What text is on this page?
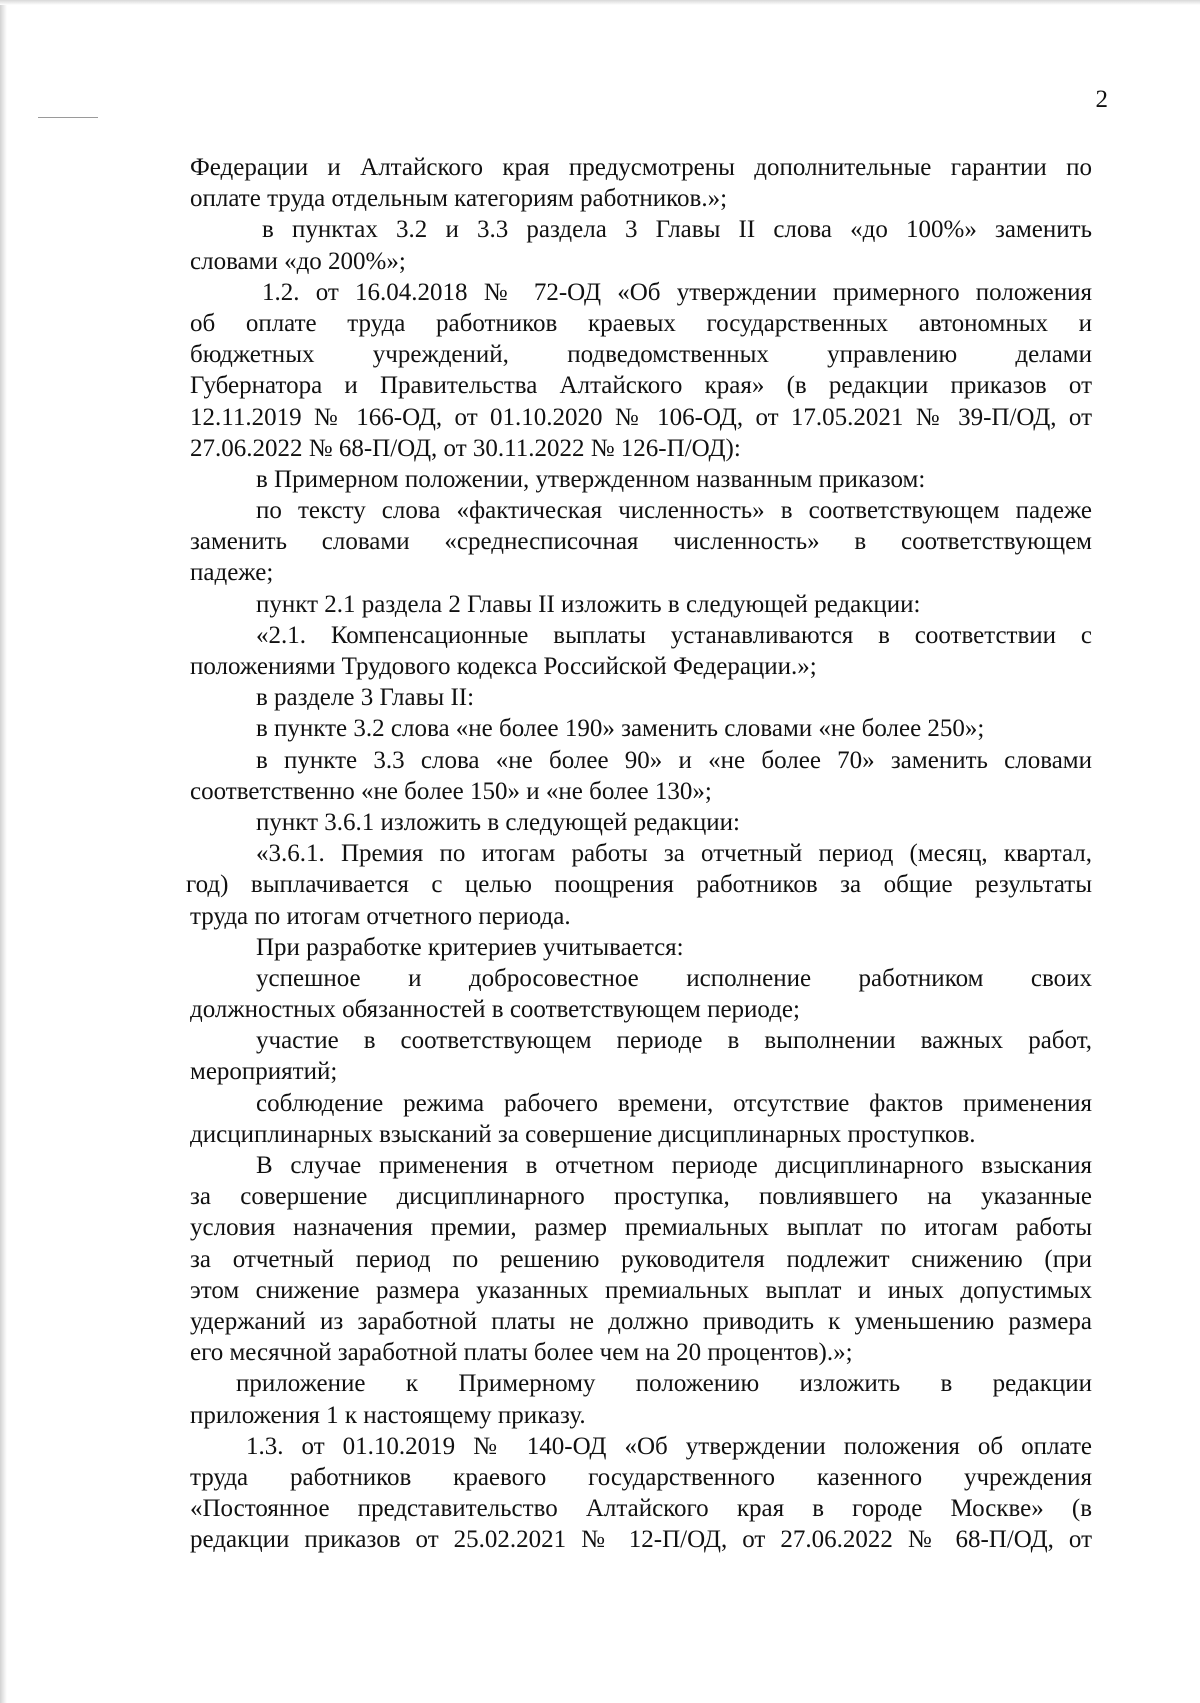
2
Федерации и Алтайского края предусмотрены дополнительные гарантии по
оплате труда отдельным категориям работников.»;
в пунктах 3.2 и 3.3 раздела 3 Главы II слова «до 100%» заменить
словами «до 200%»;
1.2. от 16.04.2018 № 72-ОД «Об утверждении примерного положения
об оплате труда работников краевых государственных автономных и
бюджетных учреждений, подведомственных управлению делами
Губернатора и Правительства Алтайского края» (в редакции приказов от
12.11.2019 № 166-ОД, от 01.10.2020 № 106-ОД, от 17.05.2021 № 39-П/ОД, от
27.06.2022 № 68-П/ОД, от 30.11.2022 № 126-П/ОД):
в Примерном положении, утвержденном названным приказом:
по тексту слова «фактическая численность» в соответствующем падеже
заменить словами «среднесписочная численность» в соответствующем
падеже;
пункт 2.1 раздела 2 Главы II изложить в следующей редакции:
«2.1. Компенсационные выплаты устанавливаются в соответствии с
положениями Трудового кодекса Российской Федерации.»;
в разделе 3 Главы II:
в пункте 3.2 слова «не более 190» заменить словами «не более 250»;
в пункте 3.3 слова «не более 90» и «не более 70» заменить словами
соответственно «не более 150» и «не более 130»;
пункт 3.6.1 изложить в следующей редакции:
«3.6.1. Премия по итогам работы за отчетный период (месяц, квартал,
год) выплачивается с целью поощрения работников за общие результаты
труда по итогам отчетного периода.
При разработке критериев учитывается:
успешное и добросовестное исполнение работником своих
должностных обязанностей в соответствующем периоде;
участие в соответствующем периоде в выполнении важных работ,
мероприятий;
соблюдение режима рабочего времени, отсутствие фактов применения
дисциплинарных взысканий за совершение дисциплинарных проступков.
В случае применения в отчетном периоде дисциплинарного взыскания
за совершение дисциплинарного проступка, повлиявшего на указанные
условия назначения премии, размер премиальных выплат по итогам работы
за отчетный период по решению руководителя подлежит снижению (при
этом снижение размера указанных премиальных выплат и иных допустимых
удержаний из заработной платы не должно приводить к уменьшению размера
его месячной заработной платы более чем на 20 процентов).»;
приложение к Примерному положению изложить в редакции
приложения 1 к настоящему приказу.
1.3. от 01.10.2019 № 140-ОД «Об утверждении положения об оплате
труда работников краевого государственного казенного учреждения
«Постоянное представительство Алтайского края в городе Москве» (в
редакции приказов от 25.02.2021 № 12-П/ОД, от 27.06.2022 № 68-П/ОД, от
